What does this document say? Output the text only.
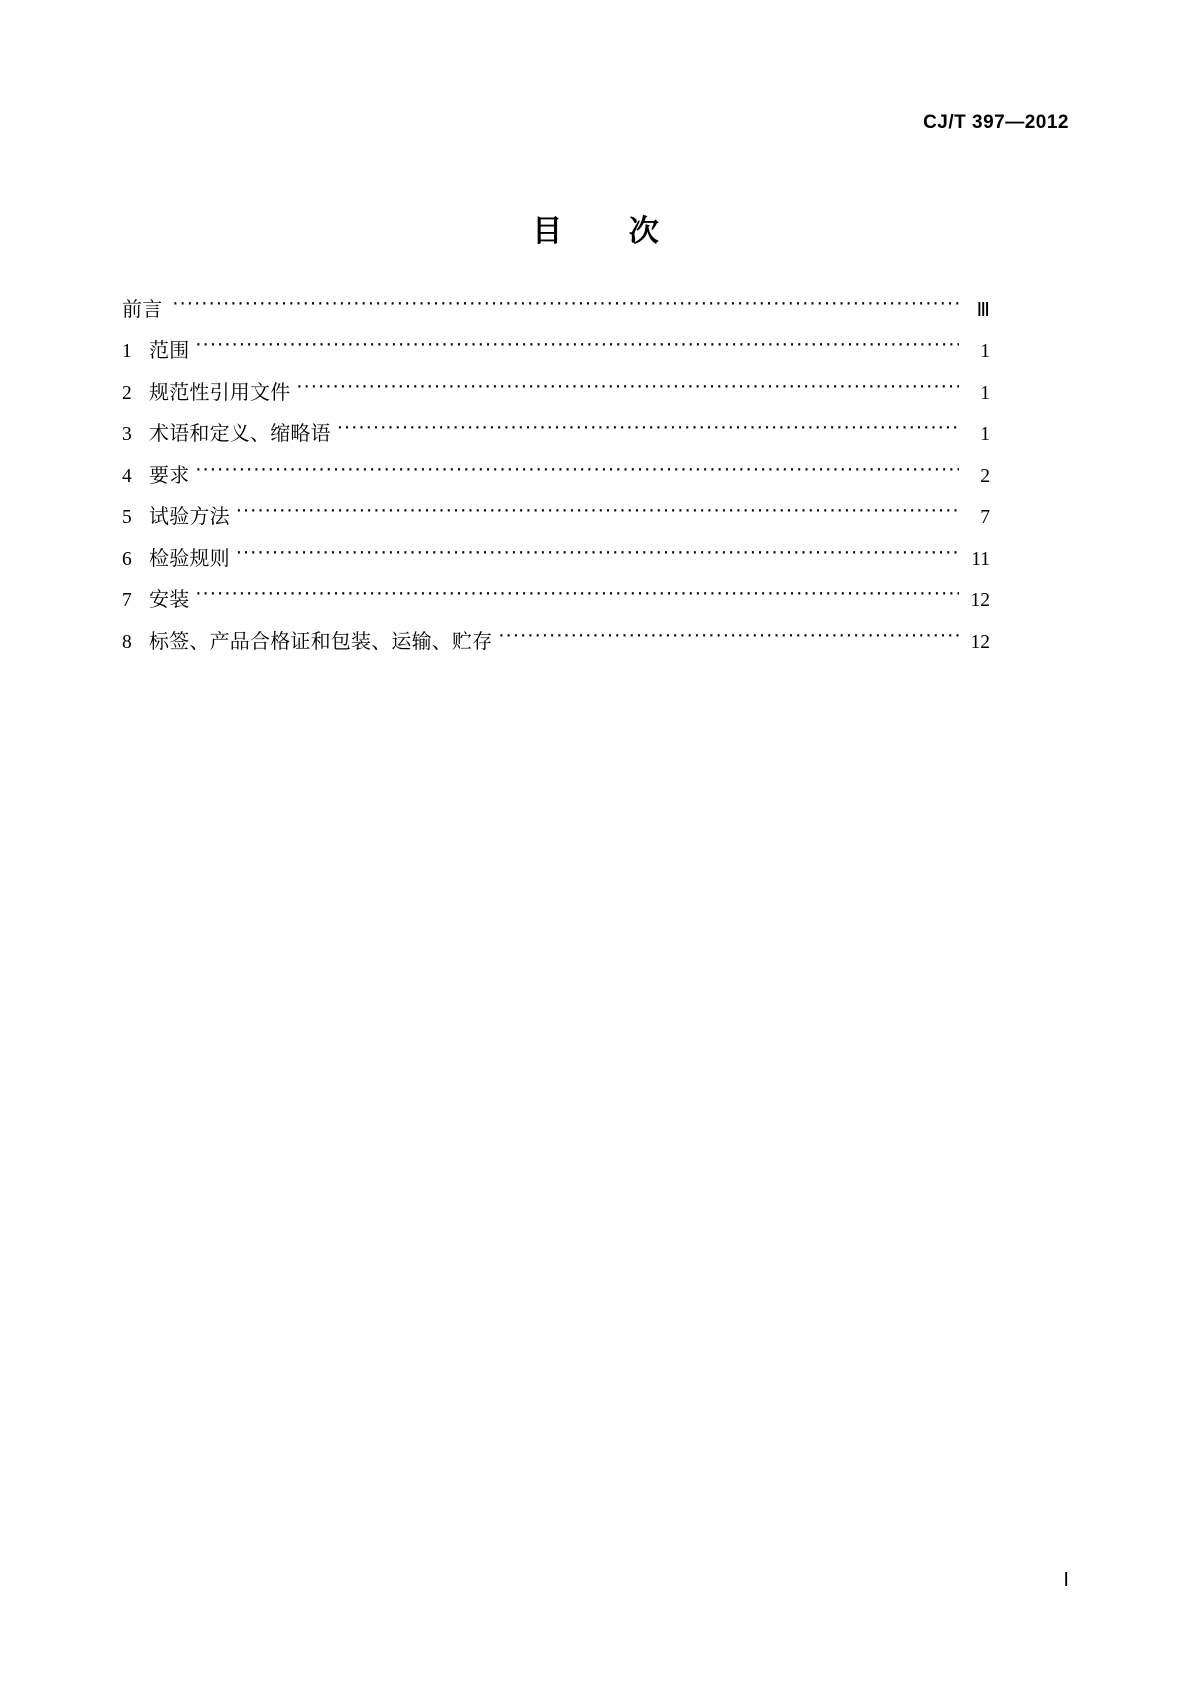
CJ/T 397—2012
目 次
前言 ·····	Ⅲ
1 范围 ·····	1
2 规范性引用文件 ·····	1
3 术语和定义、缩略语 ·····	1
4 要求 ·····	2
5 试验方法 ·····	7
6 检验规则 ·····	11
7 安装 ·····	12
8 标签、产品合格证和包装、运输、贮存 ·····	12
Ⅰ
